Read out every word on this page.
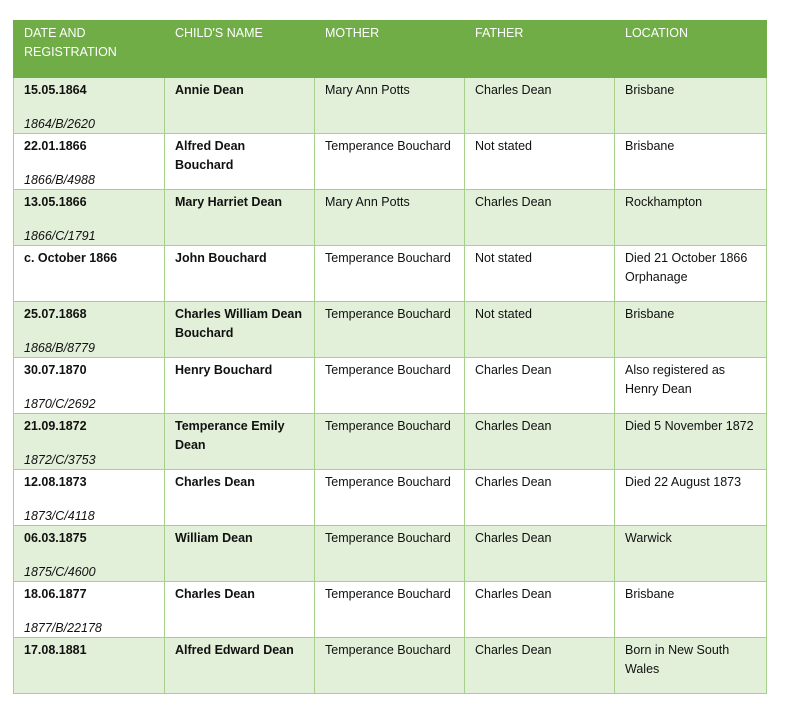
DATE AND
REGISTRATION	CHILD'S NAME	MOTHER	FATHER	LOCATION

15.05.1864
1864/B/2620	Annie Dean	Mary Ann Potts	Charles Dean	Brisbane

22.01.1866
1866/B/4988	Alfred Dean Bouchard	Temperance Bouchard	Not stated	Brisbane

13.05.1866
1866/C/1791	Mary Harriet Dean	Mary Ann Potts	Charles Dean	Rockhampton

c. October 1866	John Bouchard	Temperance Bouchard	Not stated	Died 21 October 1866 Orphanage

25.07.1868
1868/B/8779	Charles William Dean Bouchard	Temperance Bouchard	Not stated	Brisbane

30.07.1870
1870/C/2692	Henry Bouchard	Temperance Bouchard	Charles Dean	Also registered as Henry Dean

21.09.1872
1872/C/3753	Temperance Emily Dean	Temperance Bouchard	Charles Dean	Died 5 November 1872

12.08.1873
1873/C/4118	Charles Dean	Temperance Bouchard	Charles Dean	Died 22 August 1873

06.03.1875
1875/C/4600	William Dean	Temperance Bouchard	Charles Dean	Warwick

18.06.1877
1877/B/22178	Charles Dean	Temperance Bouchard	Charles Dean	Brisbane

17.08.1881	Alfred Edward Dean	Temperance Bouchard	Charles Dean	Born in New South Wales
